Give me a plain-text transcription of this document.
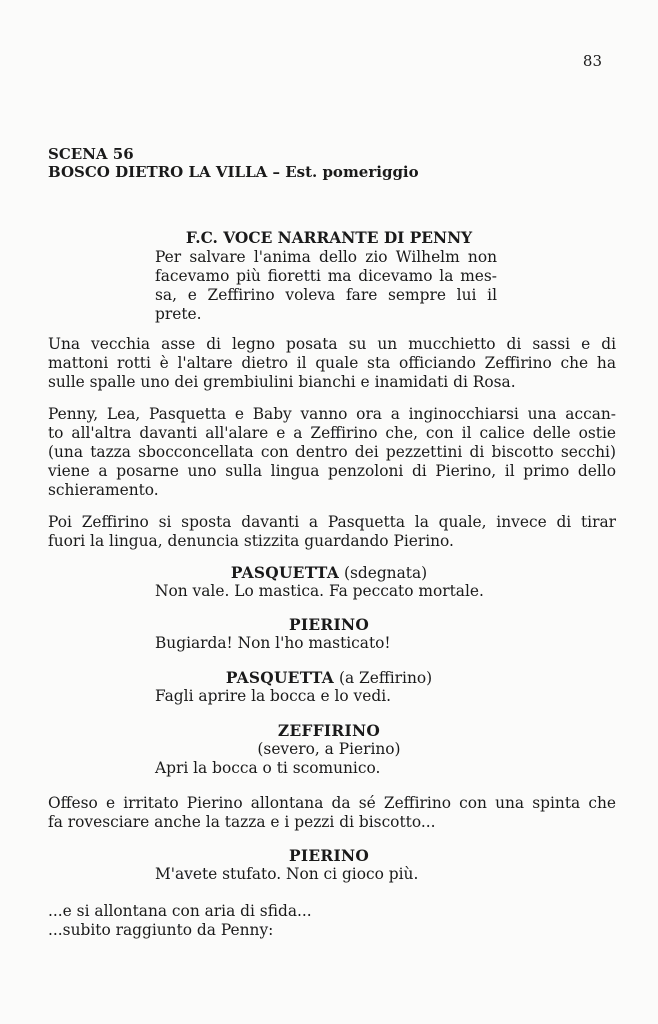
83
SCENA 56
BOSCO DIETRO LA VILLA – Est. pomeriggio
F.C. VOCE NARRANTE DI PENNY
Per salvare l'anima dello zio Wilhelm non
facevamo più fioretti ma dicevamo la mes-
sa, e Zeffirino voleva fare sempre lui il
prete.
Una vecchia asse di legno posata su un mucchietto di sassi e di
mattoni rotti è l'altare dietro il quale sta officiando Zeffirino che ha
sulle spalle uno dei grembiulini bianchi e inamidati di Rosa.
Penny, Lea, Pasquetta e Baby vanno ora a inginocchiarsi una accan-
to all'altra davanti all'alare e a Zeffirino che, con il calice delle ostie
(una tazza sbocconcellata con dentro dei pezzettini di biscotto secchi)
viene a posarne uno sulla lingua penzoloni di Pierino, il primo dello
schieramento.
Poi Zeffirino si sposta davanti a Pasquetta la quale, invece di tirar
fuori la lingua, denuncia stizzita guardando Pierino.
PASQUETTA (sdegnata)
Non vale. Lo mastica. Fa peccato mortale.
PIERINO
Bugiarda! Non l'ho masticato!
PASQUETTA (a Zeffirino)
Fagli aprire la bocca e lo vedi.
ZEFFIRINO
(severo, a Pierino)
Apri la bocca o ti scomunico.
Offeso e irritato Pierino allontana da sé Zeffirino con una spinta che
fa rovesciare anche la tazza e i pezzi di biscotto...
PIERINO
M'avete stufato. Non ci gioco più.
...e si allontana con aria di sfida...
...subito raggiunto da Penny:
